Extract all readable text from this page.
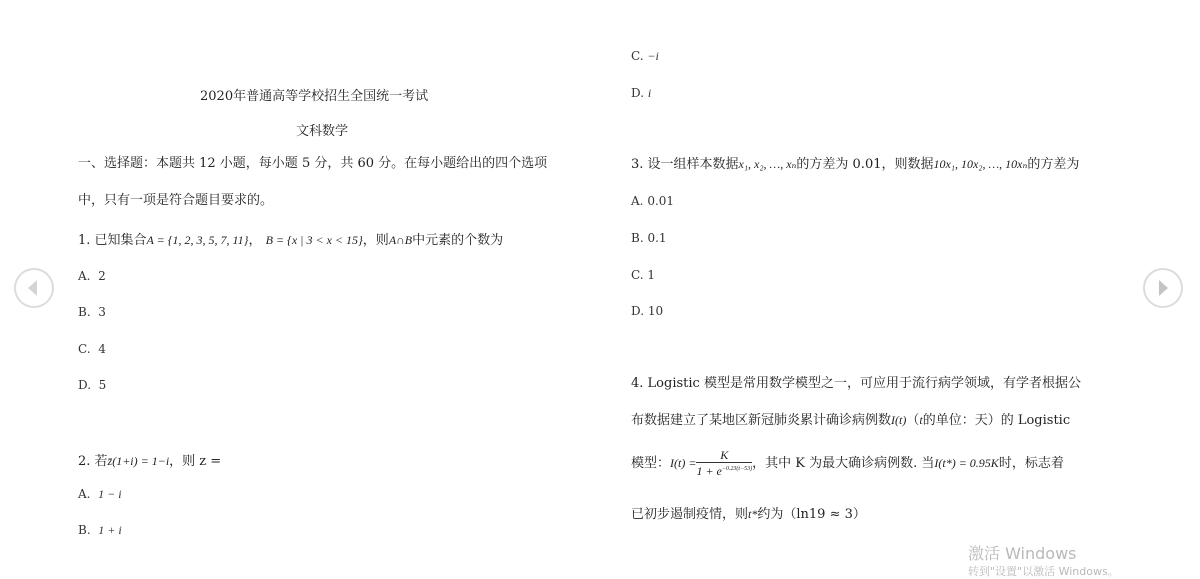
2020年普通高等学校招生全国统一考试
文科数学
一、选择题：本题共 12 小题，每小题 5 分，共 60 分。在每小题给出的四个选项
中，只有一项是符合题目要求的。
1. 已知集合A = {1, 2, 3, 5, 7, 11}， B = {x | 3 < x < 15}，则A∩B中元素的个数为
A. 2
B. 3
C. 4
D. 5
2. 若z̄(1+i) = 1−i，则 z =
A. 1 − i
B. 1 + i
C. −i
D. i
3. 设一组样本数据x₁, x₂, …, xₙ的方差为 0.01，则数据10x₁, 10x₂, …, 10xₙ的方差为
A. 0.01
B. 0.1
C. 1
D. 10
4. Logistic 模型是常用数学模型之一，可应用于流行病学领域，有学者根据公
布数据建立了某地区新冠肺炎累计确诊病例数I(t)（t的单位：天）的 Logistic
模型：$I(t) = \frac{K}{1 + e^{-0.23(t-53)}}$ ，其中 K 为最大确诊病例数. 当I(t*) = 0.95K时，标志着
已初步遏制疫情，则t*约为（ln19 ≈ 3）
激活 Windows
转到"设置"以激活 Windows。
